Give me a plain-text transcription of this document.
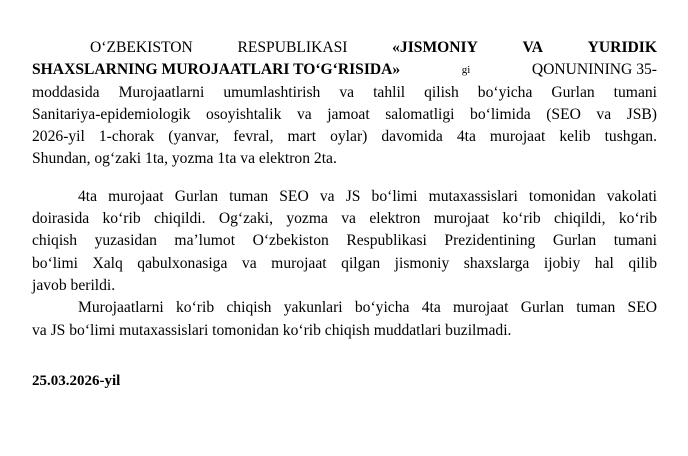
O‘ZBEKISTON	RESPUBLIKASI	«JISMONIY	VA	YURIDIK
SHAXSLARNING MUROJAATLARI TO‘G‘RISIDA»	gi	QONUNINING 35-
moddasida Murojaatlarni umumlashtirish va tahlil qilish bo‘yicha Gurlan tumani
Sanitariya-epidemiologik osoyishtalik va jamoat salomatligi bo‘limida (SEO va JSB)
2026-yil 1-chorak (yanvar, fevral, mart oylar) davomida 4ta murojaat kelib tushgan.
Shundan, og‘zaki 1ta, yozma 1ta va elektron 2ta.
4ta murojaat Gurlan tuman SEO va JS bo‘limi mutaxassislari tomonidan vakolati
doirasida ko‘rib chiqildi. Og‘zaki, yozma va elektron murojaat ko‘rib chiqildi, ko‘rib
chiqish yuzasidan ma’lumot O‘zbekiston Respublikasi Prezidentining Gurlan tumani
bo‘limi Xalq qabulxonasiga va murojaat qilgan jismoniy shaxslarga ijobiy hal qilib
javob berildi.
Murojaatlarni ko‘rib chiqish yakunlari bo‘yicha 4ta murojaat Gurlan tuman SEO
va JS bo‘limi mutaxassislari tomonidan ko‘rib chiqish muddatlari buzilmadi.
25.03.2026-yil
